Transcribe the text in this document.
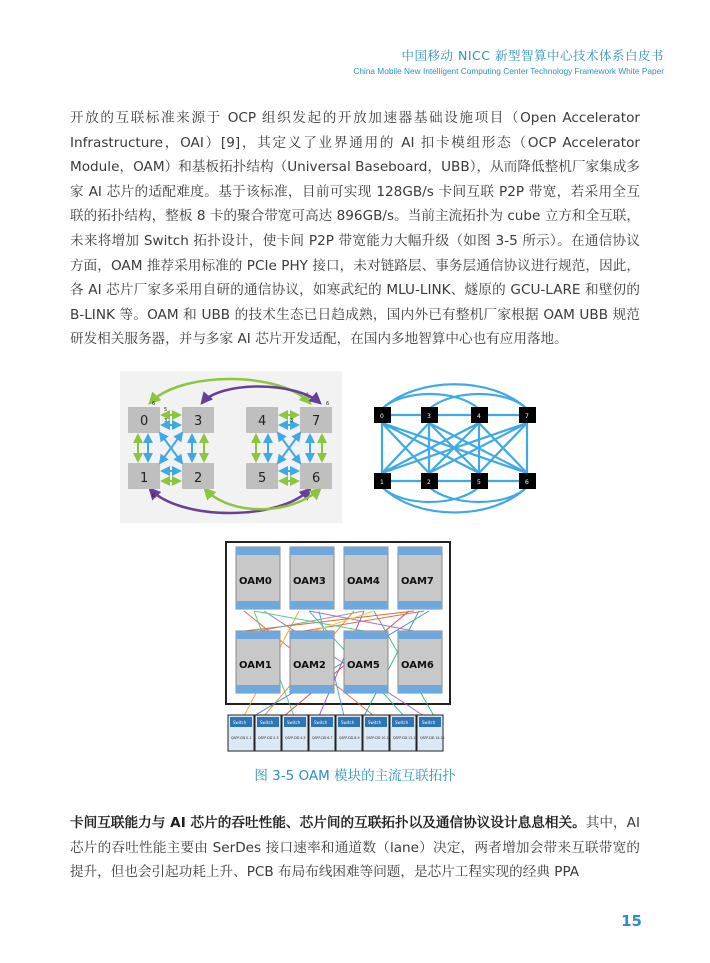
中国移动 NICC 新型智算中心技术体系白皮书
China Mobile New Intelligent Computing Center Technology Framework White Paper
开放的互联标准来源于 OCP 组织发起的开放加速器基础设施项目（Open Accelerator Infrastructure，OAI）[9]，其定义了业界通用的 AI 扣卡模组形态（OCP Accelerator Module，OAM）和基板拓扑结构（Universal Baseboard，UBB），从而降低整机厂家集成多家 AI 芯片的适配难度。基于该标准，目前可实现 128GB/s 卡间互联 P2P 带宽，若采用全互联的拓扑结构，整板 8 卡的聚合带宽可高达 896GB/s。当前主流拓扑为 cube 立方和全互联，未来将增加 Switch 拓扑设计，使卡间 P2P 带宽能力大幅升级（如图 3-5 所示）。在通信协议方面，OAM 推荐采用标准的 PCIe PHY 接口，未对链路层、事务层通信协议进行规范，因此，各 AI 芯片厂家多采用自研的通信协议，如寒武纪的 MLU-LINK、燧原的 GCU-LARE 和壁仞的 B-LINK 等。OAM 和 UBB 的技术生态已日趋成熟，国内外已有整机厂家根据 OAM UBB 规范研发相关服务器，并与多家 AI 芯片开发适配，在国内多地智算中心也有应用落地。
0
1	2
3	4
5	6
7
5
3
6
6
3
6
0	3	4	7
1	2	5	6
OAM0 OAM3 OAM4 OAM7
OAM1 OAM2 OAM5 OAM6
Switch	Switch	Switch	Switch	Switch	Switch	Switch	Switch
QSFP-DD 0-1 QSFP-DD 2-3 QSFP-DD 4-5 QSFP-DD 6-7 QSFP-DD 8-9 QSFP-DD 10-11 QSFP-DD 12-13 QSFP-DD 14-15
图 3-5 OAM 模块的主流互联拓扑
卡间互联能力与 AI 芯片的吞吐性能、芯片间的互联拓扑以及通信协议设计息息相关。其中，AI 芯片的吞吐性能主要由 SerDes 接口速率和通道数（lane）决定，两者增加会带来互联带宽的提升，但也会引起功耗上升、PCB 布局布线困难等问题，是芯片工程实现的经典 PPA
15
